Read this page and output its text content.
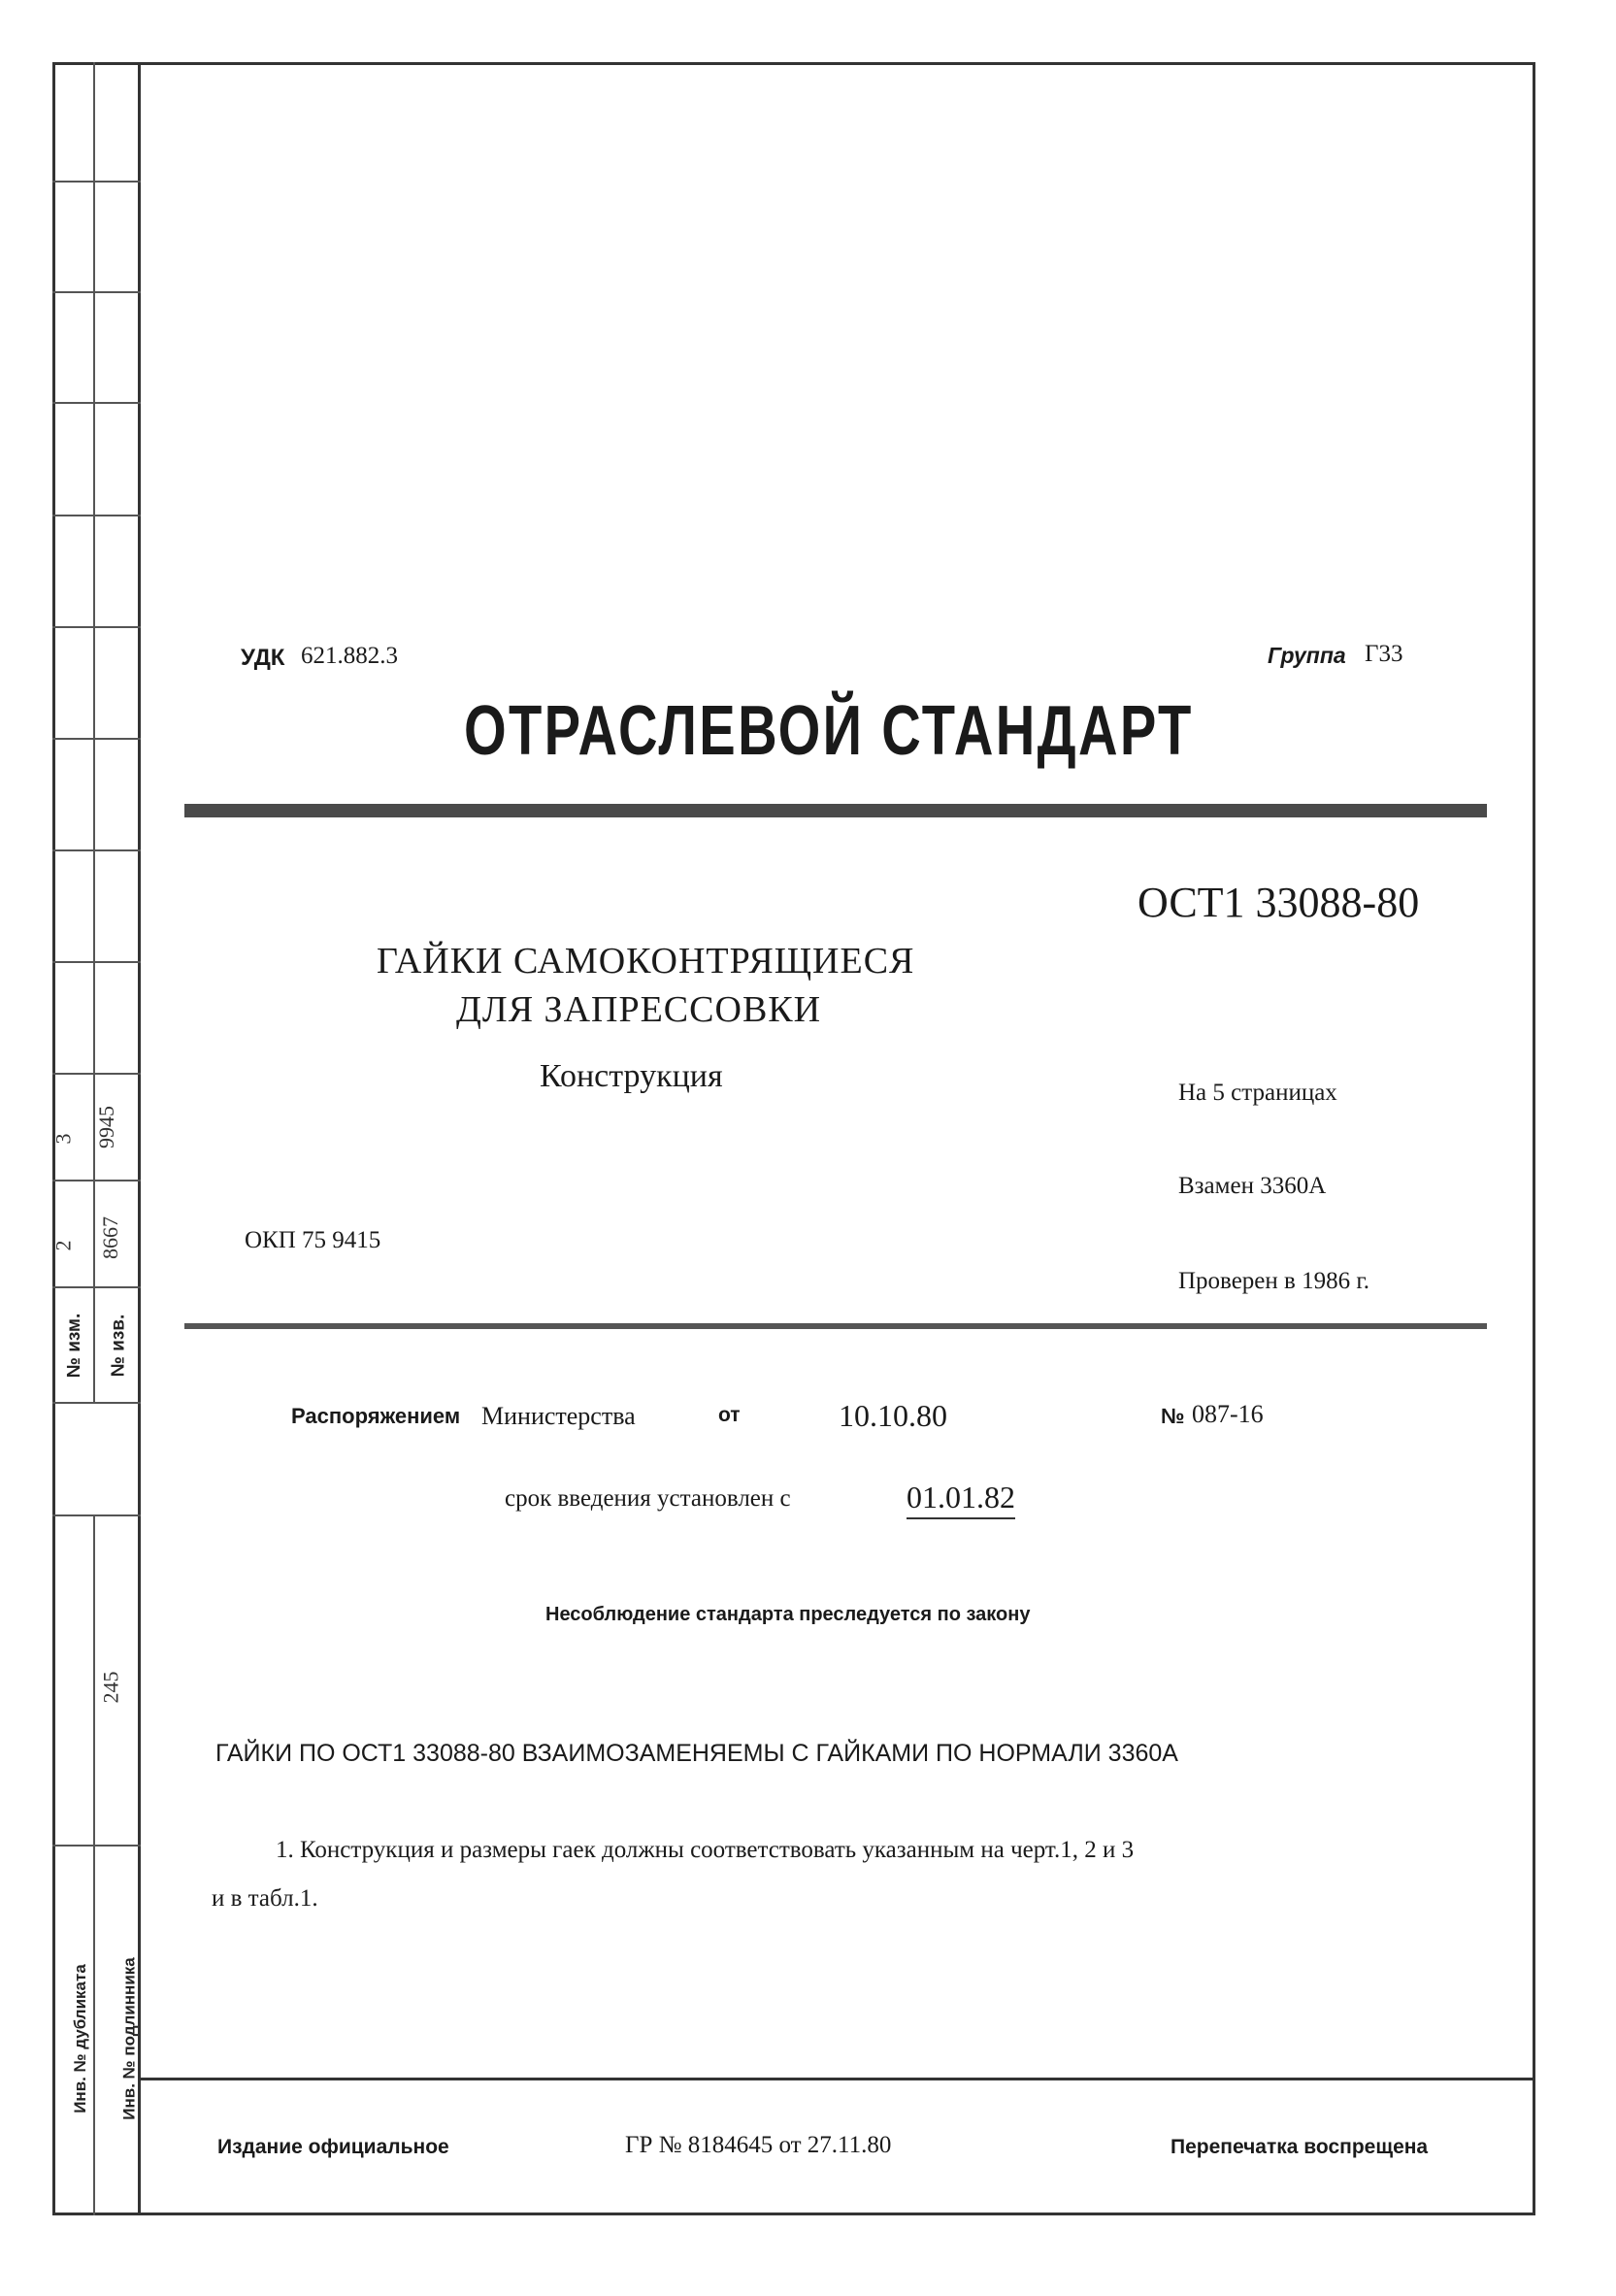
3 9945
2 8667
№ изм. № изв.
245
Инв. № дубликата Инв. № подлинника
УДК 621.882.3	Группа Г33
ОТРАСЛЕВОЙ СТАНДАРТ
ОСТ1 33088-80
ГАЙКИ САМОКОНТРЯЩИЕСЯ
ДЛЯ ЗАПРЕССОВКИ
Конструкция	На 5 страницах
Взамен 3360А
ОКП 75 9415
Проверен в 1986 г.
Распоряжением Министерства	от	10.10.80	№ 087-16
срок введения установлен с	01.01.82
Несоблюдение стандарта преследуется по закону
ГАЙКИ ПО ОСТ1 33088-80 ВЗАИМОЗАМЕНЯЕМЫ С ГАЙКАМИ ПО НОРМАЛИ 3360А
1. Конструкция и размеры гаек должны соответствовать указанным на черт.1, 2 и 3
и в табл.1.
Издание официальное	ГР № 8184645 от 27.11.80	Перепечатка воспрещена
